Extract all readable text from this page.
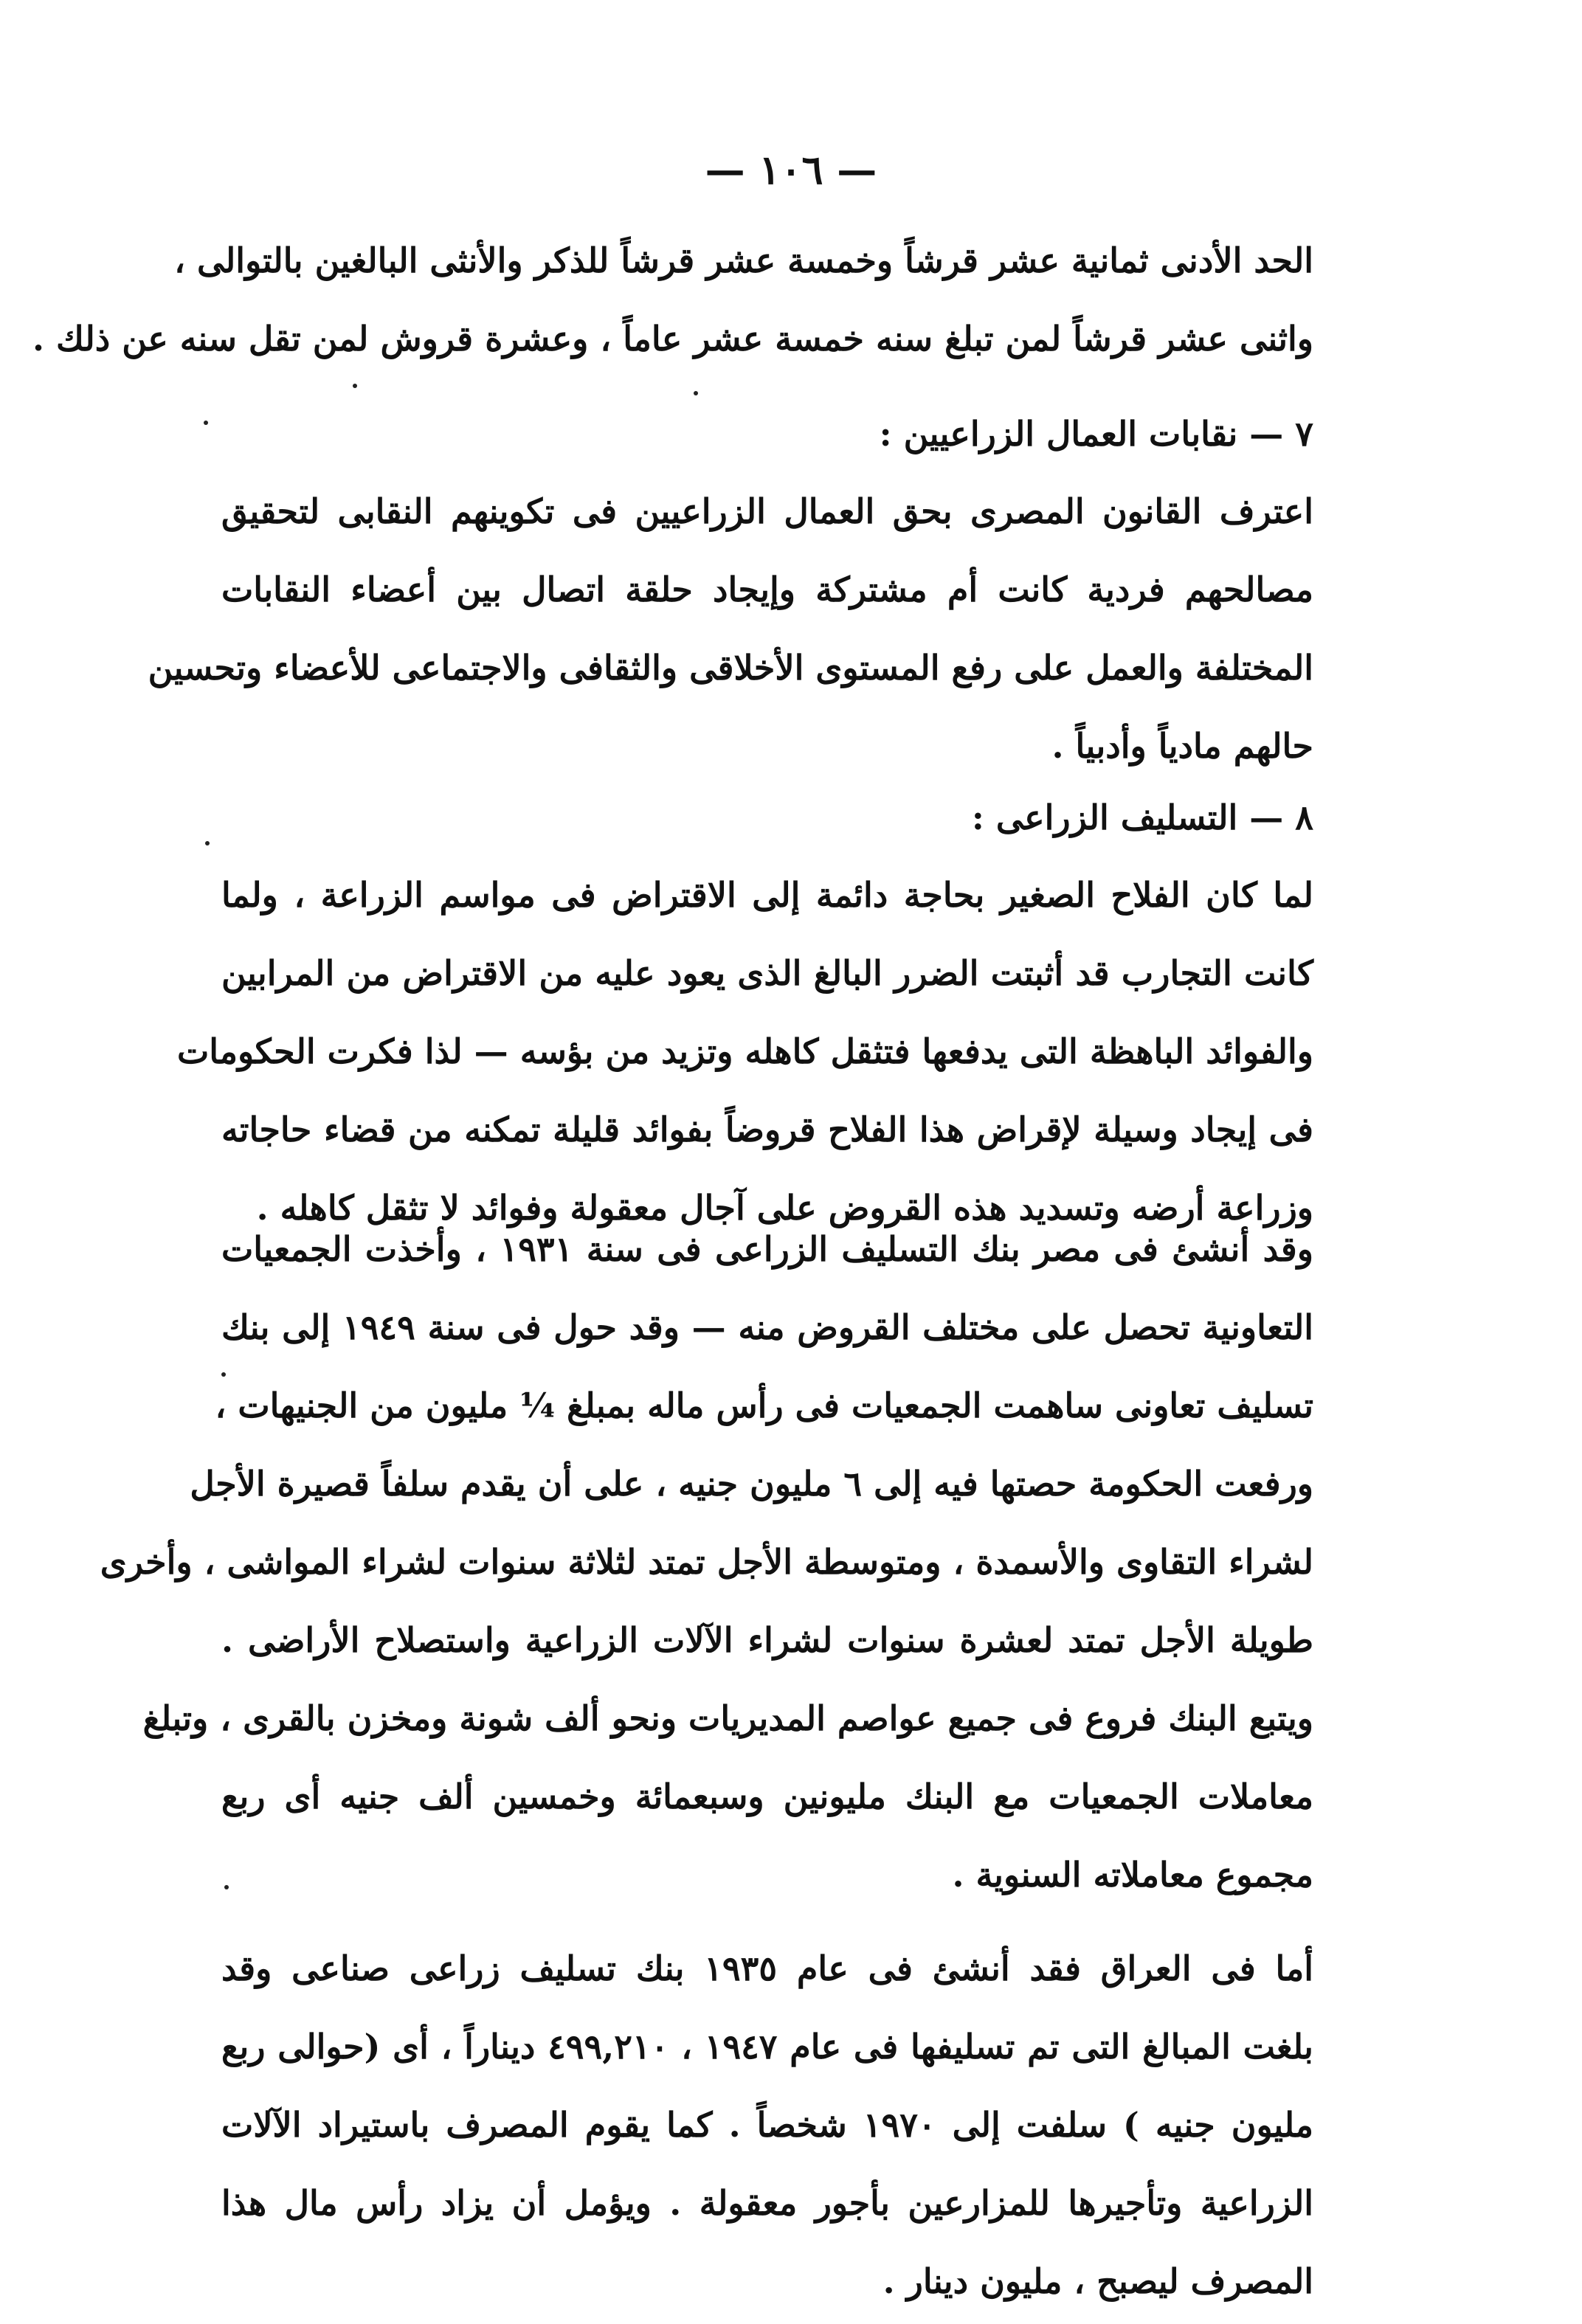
— ١٠٦ —
الحد الأدنى ثمانية عشر قرشاً وخمسة عشر قرشاً للذكر والأنثى البالغين بالتوالى ،
واثنى عشر قرشاً لمن تبلغ سنه خمسة عشر عاماً ، وعشرة قروش لمن تقل سنه عن ذلك .
٧ — نقابات العمال الزراعيين :
اعترف القانون المصرى بحق العمال الزراعيين فى تكوينهم النقابى لتحقيق
مصالحهم فردية كانت أم مشتركة وإيجاد حلقة اتصال بين أعضاء النقابات
المختلفة والعمل على رفع المستوى الأخلاقى والثقافى والاجتماعى للأعضاء وتحسين
حالهم مادياً وأدبياً .
٨ — التسليف الزراعى :
لما كان الفلاح الصغير بحاجة دائمة إلى الاقتراض فى مواسم الزراعة ، ولما
كانت التجارب قد أثبتت الضرر البالغ الذى يعود عليه من الاقتراض من المرابين
والفوائد الباهظة التى يدفعها فتثقل كاهله وتزيد من بؤسه — لذا فكرت الحكومات
فى إيجاد وسيلة لإقراض هذا الفلاح قروضاً بفوائد قليلة تمكنه من قضاء حاجاته
وزراعة أرضه وتسديد هذه القروض على آجال معقولة وفوائد لا تثقل كاهله .
وقد أنشئ فى مصر بنك التسليف الزراعى فى سنة ١٩٣١ ، وأخذت الجمعيات
التعاونية تحصل على مختلف القروض منه — وقد حول فى سنة ١٩٤٩ إلى بنك
تسليف تعاونى ساهمت الجمعيات فى رأس ماله بمبلغ ¼ مليون من الجنيهات ،
ورفعت الحكومة حصتها فيه إلى ٦ مليون جنيه ، على أن يقدم سلفاً قصيرة الأجل
لشراء التقاوى والأسمدة ، ومتوسطة الأجل تمتد لثلاثة سنوات لشراء المواشى ، وأخرى
طويلة الأجل تمتد لعشرة سنوات لشراء الآلات الزراعية واستصلاح الأراضى .
ويتبع البنك فروع فى جميع عواصم المديريات ونحو ألف شونة ومخزن بالقرى ، وتبلغ
معاملات الجمعيات مع البنك مليونين وسبعمائة وخمسين ألف جنيه أى ربع
مجموع معاملاته السنوية .
أما فى العراق فقد أنشئ فى عام ١٩٣٥ بنك تسليف زراعى صناعى وقد
بلغت المبالغ التى تم تسليفها فى عام ١٩٤٧ ، ٤٩٩,٢١٠ ديناراً ، أى (حوالى ربع
مليون جنيه ) سلفت إلى ١٩٧٠ شخصاً . كما يقوم المصرف باستيراد الآلات
الزراعية وتأجيرها للمزارعين بأجور معقولة . ويؤمل أن يزاد رأس مال هذا
المصرف ليصبح ، مليون دينار .
